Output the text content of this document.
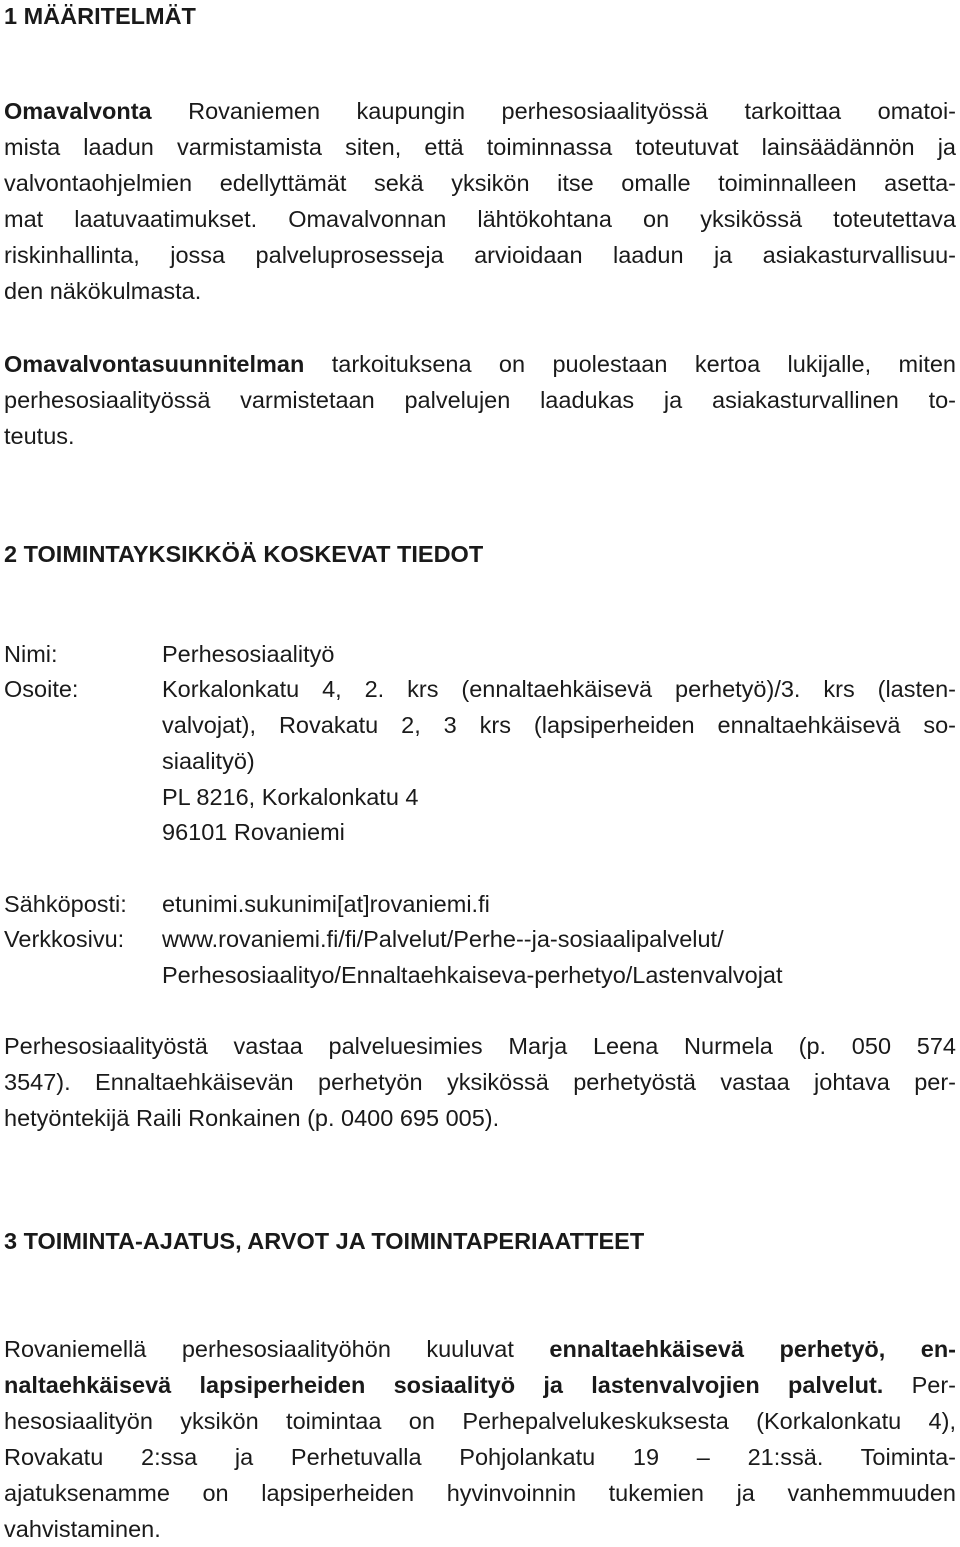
1 MÄÄRITELMÄT

Omavalvonta Rovaniemen kaupungin perhesosiaalityössä tarkoittaa omatoi-
mista laadun varmistamista siten, että toiminnassa toteutuvat lainsäädännön ja
valvontaohjelmien edellyttämät sekä yksikön itse omalle toiminnalleen asetta-
mat laatuvaatimukset. Omavalvonnan lähtökohtana on yksikössä toteutettava
riskinhallinta, jossa palveluprosesseja arvioidaan laadun ja asiakasturvallisuu-
den näkökulmasta.

Omavalvontasuunnitelman tarkoituksena on puolestaan kertoa lukijalle, miten
perhesosiaalityössä varmistetaan palvelujen laadukas ja asiakasturvallinen to-
teutus.

2 TOIMINTAYKSIKKÖÄ KOSKEVAT TIEDOT
Nimi:	Perhesosiaalityö
Osoite:	Korkalonkatu 4, 2. krs (ennaltaehkäisevä perhetyö)/3. krs (lasten-
valvojat), Rovakatu 2, 3 krs (lapsiperheiden ennaltaehkäisevä so-
siaalityö)
PL 8216, Korkalonkatu 4
96101 Rovaniemi
Sähköposti: etunimi.sukunimi[at]rovaniemi.fi
Verkkosivu: www.rovaniemi.fi/fi/Palvelut/Perhe--ja-sosiaalipalvelut/
Perhesosiaalityo/Ennaltaehkaiseva-perhetyo/Lastenvalvojat

Perhesosiaalityöstä vastaa palveluesimies Marja Leena Nurmela (p. 050 574
3547). Ennaltaehkäisevän perhetyön yksikössä perhetyöstä vastaa johtava per-
hetyöntekijä Raili Ronkainen (p. 0400 695 005).

3 TOIMINTA-AJATUS, ARVOT JA TOIMINTAPERIAATTEET

Rovaniemellä perhesosiaalityöhön kuuluvat ennaltaehkäisevä perhetyö, en-
naltaehkäisevä lapsiperheiden sosiaalityö ja lastenvalvojien palvelut. Per-
hesosiaalityön yksikön toimintaa on Perhepalvelukeskuksesta (Korkalonkatu 4),
Rovakatu 2:ssa ja Perhetuvalla Pohjolankatu 19 – 21:ssä. Toiminta-
ajatuksenamme on lapsiperheiden hyvinvoinnin tukemien ja vanhemmuuden
vahvistaminen.
